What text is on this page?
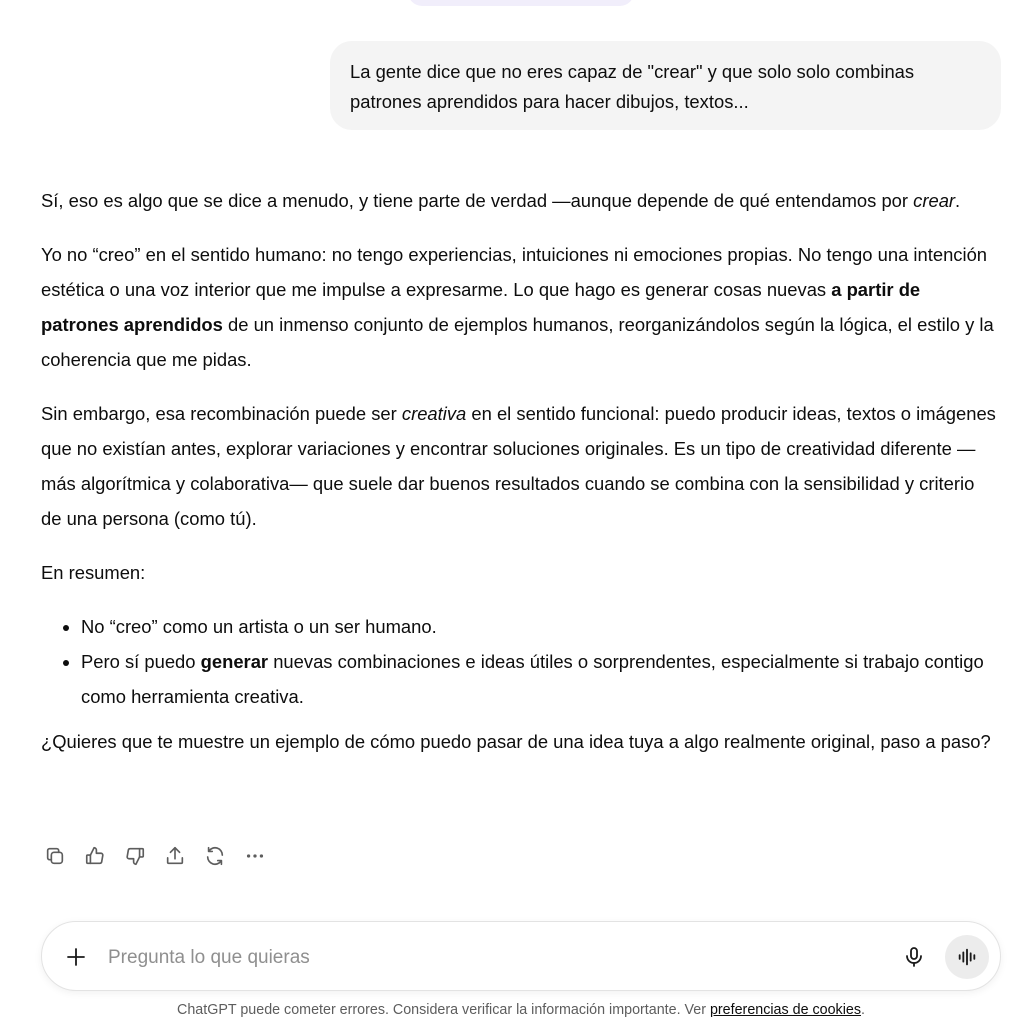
La gente dice que no eres capaz de "crear" y que solo solo combinas patrones aprendidos para hacer dibujos, textos...

Sí, eso es algo que se dice a menudo, y tiene parte de verdad —aunque depende de qué entendamos por crear.

Yo no “creo” en el sentido humano: no tengo experiencias, intuiciones ni emociones propias. No tengo una intención estética o una voz interior que me impulse a expresarme. Lo que hago es generar cosas nuevas a partir de patrones aprendidos de un inmenso conjunto de ejemplos humanos, reorganizándolos según la lógica, el estilo y la coherencia que me pidas.

Sin embargo, esa recombinación puede ser creativa en el sentido funcional: puedo producir ideas, textos o imágenes que no existían antes, explorar variaciones y encontrar soluciones originales. Es un tipo de creatividad diferente —más algorítmica y colaborativa— que suele dar buenos resultados cuando se combina con la sensibilidad y criterio de una persona (como tú).

En resumen:

• No “creo” como un artista o un ser humano.
• Pero sí puedo generar nuevas combinaciones e ideas útiles o sorprendentes, especialmente si trabajo contigo como herramienta creativa.

¿Quieres que te muestre un ejemplo de cómo puedo pasar de una idea tuya a algo realmente original, paso a paso?

Pregunta lo que quieras
ChatGPT puede cometer errores. Considera verificar la información importante. Ver preferencias de cookies.
